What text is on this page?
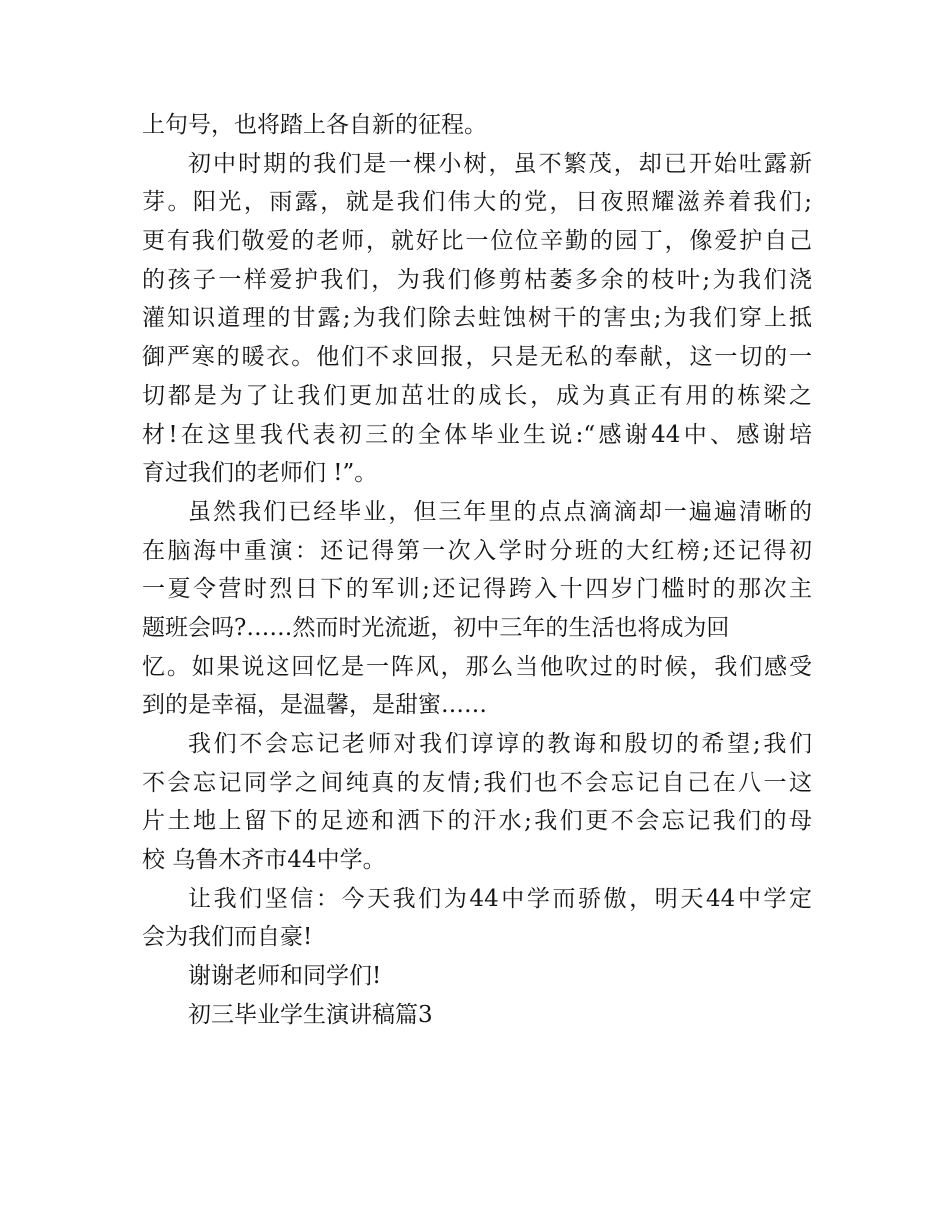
上句号，也将踏上各自新的征程。
初中时期的我们是一棵小树，虽不繁茂，却已开始吐露新
芽。阳光，雨露，就是我们伟大的党，日夜照耀滋养着我们;
更有我们敬爱的老师，就好比一位位辛勤的园丁，像爱护自己
的孩子一样爱护我们，为我们修剪枯萎多余的枝叶;为我们浇
灌知识道理的甘露;为我们除去蛀蚀树干的害虫;为我们穿上抵
御严寒的暖衣。他们不求回报，只是无私的奉献，这一切的一
切都是为了让我们更加茁壮的成长，成为真正有用的栋梁之
材!在这里我代表初三的全体毕业生说:“感谢44中、感谢培
育过我们的老师们 !”。
虽然我们已经毕业，但三年里的点点滴滴却一遍遍清晰的
在脑海中重演：还记得第一次入学时分班的大红榜;还记得初
一夏令营时烈日下的军训;还记得跨入十四岁门槛时的那次主
题班会吗?……然而时光流逝，初中三年的生活也将成为回
忆。如果说这回忆是一阵风，那么当他吹过的时候，我们感受
到的是幸福，是温馨，是甜蜜……
我们不会忘记老师对我们谆谆的教诲和殷切的希望;我们
不会忘记同学之间纯真的友情;我们也不会忘记自己在八一这
片土地上留下的足迹和洒下的汗水;我们更不会忘记我们的母
校 乌鲁木齐市44中学。
让我们坚信：今天我们为44中学而骄傲，明天44中学定
会为我们而自豪!
谢谢老师和同学们!
初三毕业学生演讲稿篇3
